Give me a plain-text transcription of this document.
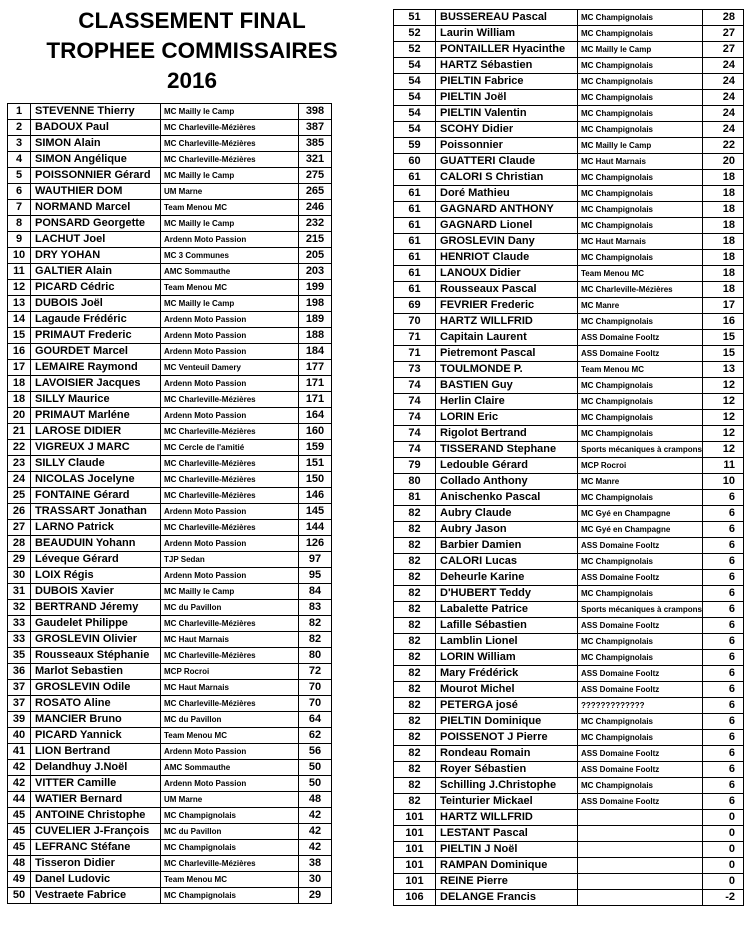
CLASSEMENT FINAL
TROPHEE COMMISSAIRES
2016
1	STEVENNE Thierry	MC Mailly le Camp	398
2	BADOUX Paul	MC Charleville-Mézières	387
3	SIMON Alain	MC Charleville-Mézières	385
4	SIMON Angélique	MC Charleville-Mézières	321
5	POISSONNIER Gérard	MC Mailly le Camp	275
6	WAUTHIER DOM	UM Marne	265
7	NORMAND Marcel	Team Menou MC	246
8	PONSARD Georgette	MC Mailly le Camp	232
9	LACHUT Joel	Ardenn Moto Passion	215
10	DRY YOHAN	MC 3 Communes	205
11	GALTIER Alain	AMC Sommauthe	203
12	PICARD Cédric	Team Menou MC	199
13	DUBOIS Joël	MC Mailly le Camp	198
14	Lagaude Frédéric	Ardenn Moto Passion	189
15	PRIMAUT Frederic	Ardenn Moto Passion	188
16	GOURDET Marcel	Ardenn Moto Passion	184
17	LEMAIRE Raymond	MC Venteuil Damery	177
18	LAVOISIER Jacques	Ardenn Moto Passion	171
18	SILLY Maurice	MC Charleville-Mézières	171
20	PRIMAUT Marléne	Ardenn Moto Passion	164
21	LAROSE DIDIER	MC Charleville-Mézières	160
22	VIGREUX J MARC	MC Cercle de l'amitié	159
23	SILLY Claude	MC Charleville-Mézières	151
24	NICOLAS Jocelyne	MC Charleville-Mézières	150
25	FONTAINE Gérard	MC Charleville-Mézières	146
26	TRASSART Jonathan	Ardenn Moto Passion	145
27	LARNO Patrick	MC Charleville-Mézières	144
28	BEAUDUIN Yohann	Ardenn Moto Passion	126
29	Léveque Gérard	TJP Sedan	97
30	LOIX Régis	Ardenn Moto Passion	95
31	DUBOIS Xavier	MC Mailly le Camp	84
32	BERTRAND Jéremy	MC du Pavillon	83
33	Gaudelet Philippe	MC Charleville-Mézières	82
33	GROSLEVIN Olivier	MC Haut Marnais	82
35	Rousseaux Stéphanie	MC Charleville-Mézières	80
36	Marlot Sebastien	MCP Rocroi	72
37	GROSLEVIN Odile	MC Haut Marnais	70
37	ROSATO Aline	MC Charleville-Mézières	70
39	MANCIER Bruno	MC du Pavillon	64
40	PICARD Yannick	Team Menou MC	62
41	LION Bertrand	Ardenn Moto Passion	56
42	Delandhuy J.Noël	AMC Sommauthe	50
42	VITTER Camille	Ardenn Moto Passion	50
44	WATIER Bernard	UM Marne	48
45	ANTOINE Christophe	MC Champignolais	42
45	CUVELIER J-François	MC du Pavillon	42
45	LEFRANC Stéfane	MC Champignolais	42
48	Tisseron Didier	MC Charleville-Mézières	38
49	Danel Ludovic	Team Menou MC	30
50	Vestraete Fabrice	MC Champignolais	29
51	BUSSEREAU Pascal	MC Champignolais	28
52	Laurin William	MC Champignolais	27
52	PONTAILLER Hyacinthe	MC Mailly le Camp	27
54	HARTZ Sébastien	MC Champignolais	24
54	PIELTIN Fabrice	MC Champignolais	24
54	PIELTIN Joël	MC Champignolais	24
54	PIELTIN Valentin	MC Champignolais	24
54	SCOHY Didier	MC Champignolais	24
59	Poissonnier	MC Mailly le Camp	22
60	GUATTERI Claude	MC Haut Marnais	20
61	CALORI S Christian	MC Champignolais	18
61	Doré Mathieu	MC Champignolais	18
61	GAGNARD ANTHONY	MC Champignolais	18
61	GAGNARD Lionel	MC Champignolais	18
61	GROSLEVIN Dany	MC Haut Marnais	18
61	HENRIOT Claude	MC Champignolais	18
61	LANOUX Didier	Team Menou MC	18
61	Rousseaux Pascal	MC Charleville-Mézières	18
69	FEVRIER Frederic	MC Manre	17
70	HARTZ WILLFRID	MC Champignolais	16
71	Capitain Laurent	ASS Domaine Fooltz	15
71	Pietremont Pascal	ASS Domaine Fooltz	15
73	TOULMONDE P.	Team Menou MC	13
74	BASTIEN Guy	MC Champignolais	12
74	Herlin Claire	MC Champignolais	12
74	LORIN Eric	MC Champignolais	12
74	Rigolot Bertrand	MC Champignolais	12
74	TISSERAND Stephane	Sports mécaniques à crampons	12
79	Ledouble Gérard	MCP Rocroi	11
80	Collado Anthony	MC Manre	10
81	Anischenko Pascal	MC Champignolais	6
82	Aubry Claude	MC Gyé en Champagne	6
82	Aubry Jason	MC Gyé en Champagne	6
82	Barbier Damien	ASS Domaine Fooltz	6
82	CALORI Lucas	MC Champignolais	6
82	Deheurle Karine	ASS Domaine Fooltz	6
82	D'HUBERT Teddy	MC Champignolais	6
82	Labalette Patrice	Sports mécaniques à crampons	6
82	Lafille Sébastien	ASS Domaine Fooltz	6
82	Lamblin Lionel	MC Champignolais	6
82	LORIN William	MC Champignolais	6
82	Mary Frédérick	ASS Domaine Fooltz	6
82	Mourot Michel	ASS Domaine Fooltz	6
82	PETERGA josé	?????????????	6
82	PIELTIN Dominique	MC Champignolais	6
82	POISSENOT J Pierre	MC Champignolais	6
82	Rondeau Romain	ASS Domaine Fooltz	6
82	Royer Sébastien	ASS Domaine Fooltz	6
82	Schilling J.Christophe	MC Champignolais	6
82	Teinturier Mickael	ASS Domaine Fooltz	6
101	HARTZ WILLFRID		0
101	LESTANT Pascal		0
101	PIELTIN J Noël		0
101	RAMPAN Dominique		0
101	REINE Pierre		0
106	DELANGE Francis		-2
